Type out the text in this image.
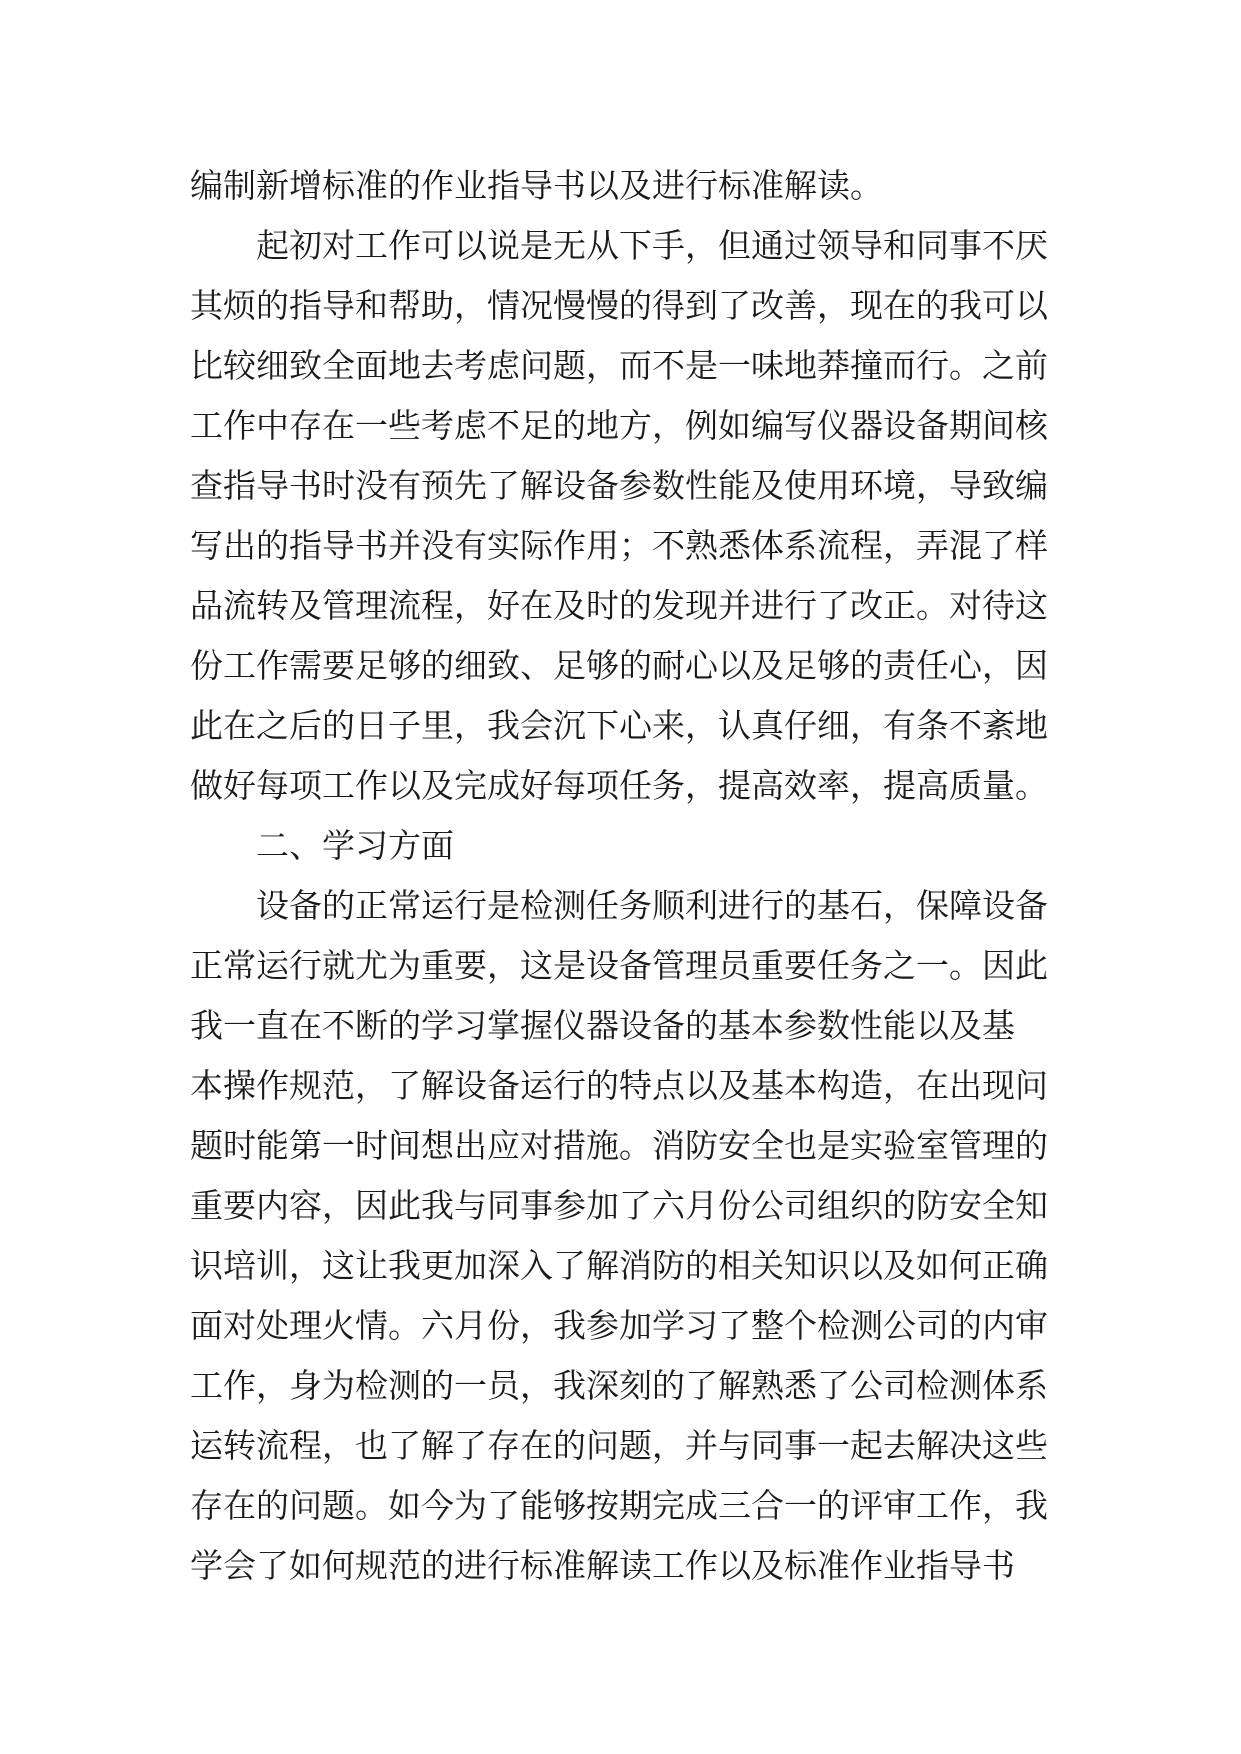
编制新增标准的作业指导书以及进行标准解读。
起初对工作可以说是无从下手，但通过领导和同事不厌
其烦的指导和帮助，情况慢慢的得到了改善，现在的我可以
比较细致全面地去考虑问题，而不是一味地莽撞而行。之前
工作中存在一些考虑不足的地方，例如编写仪器设备期间核
查指导书时没有预先了解设备参数性能及使用环境，导致编
写出的指导书并没有实际作用；不熟悉体系流程，弄混了样
品流转及管理流程，好在及时的发现并进行了改正。对待这
份工作需要足够的细致、足够的耐心以及足够的责任心，因
此在之后的日子里，我会沉下心来，认真仔细，有条不紊地
做好每项工作以及完成好每项任务，提高效率，提高质量。
二、学习方面
设备的正常运行是检测任务顺利进行的基石，保障设备
正常运行就尤为重要，这是设备管理员重要任务之一。因此
我一直在不断的学习掌握仪器设备的基本参数性能以及基
本操作规范，了解设备运行的特点以及基本构造，在出现问
题时能第一时间想出应对措施。消防安全也是实验室管理的
重要内容，因此我与同事参加了六月份公司组织的防安全知
识培训，这让我更加深入了解消防的相关知识以及如何正确
面对处理火情。六月份，我参加学习了整个检测公司的内审
工作，身为检测的一员，我深刻的了解熟悉了公司检测体系
运转流程，也了解了存在的问题，并与同事一起去解决这些
存在的问题。如今为了能够按期完成三合一的评审工作，我
学会了如何规范的进行标准解读工作以及标准作业指导书
